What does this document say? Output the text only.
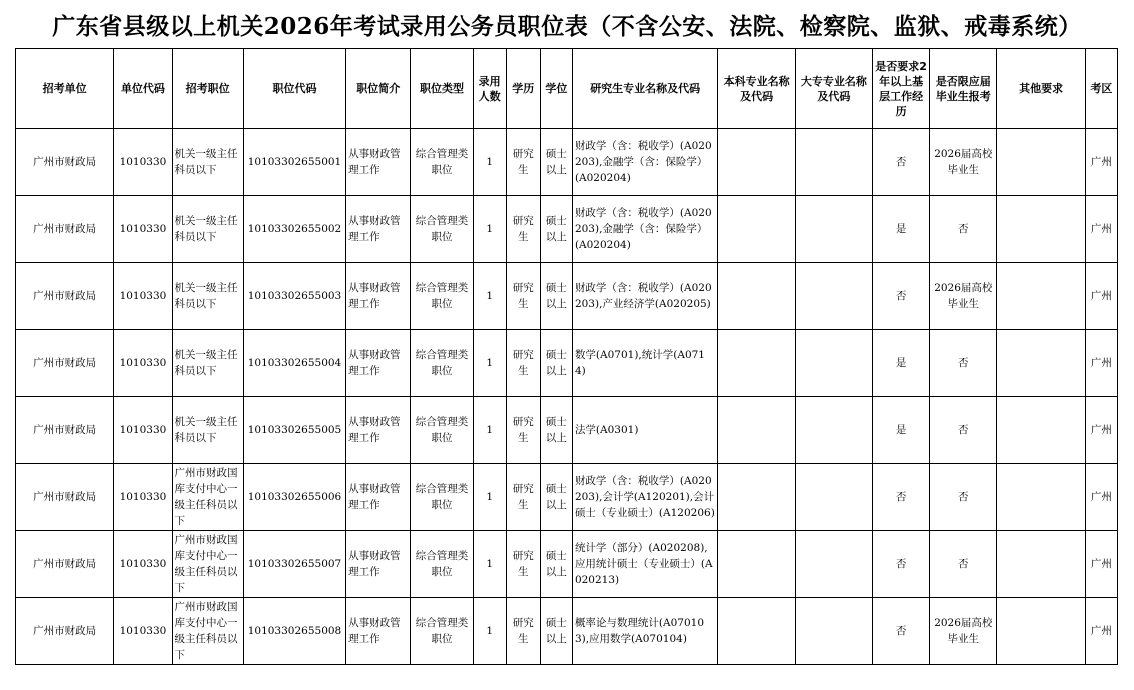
广东省县级以上机关2026年考试录用公务员职位表（不含公安、法院、检察院、监狱、戒毒系统）
招考单位	单位代码	招考职位	职位代码	职位简介	职位类型	录用人数	学历	学位	研究生专业名称及代码	本科专业名称及代码	大专专业名称及代码	是否要求2年以上基层工作经历	是否限应届毕业生报考	其他要求	考区

广州市财政局	1010330	机关一级主任科员以下	10103302655001	从事财政管理工作	综合管理类职位	1	研究生	硕士以上	财政学（含：税收学）(A020203),金融学（含：保险学）(A020204)			否	2026届高校毕业生		广州

广州市财政局	1010330	机关一级主任科员以下	10103302655002	从事财政管理工作	综合管理类职位	1	研究生	硕士以上	财政学（含：税收学）(A020203),金融学（含：保险学）(A020204)			是	否		广州

广州市财政局	1010330	机关一级主任科员以下	10103302655003	从事财政管理工作	综合管理类职位	1	研究生	硕士以上	财政学（含：税收学）(A020203),产业经济学(A020205)			否	2026届高校毕业生		广州

广州市财政局	1010330	机关一级主任科员以下	10103302655004	从事财政管理工作	综合管理类职位	1	研究生	硕士以上	数学(A0701),统计学(A0714)			是	否		广州

广州市财政局	1010330	机关一级主任科员以下	10103302655005	从事财政管理工作	综合管理类职位	1	研究生	硕士以上	法学(A0301)			是	否		广州

广州市财政局	1010330	广州市财政国库支付中心一级主任科员以下	10103302655006	从事财政管理工作	综合管理类职位	1	研究生	硕士以上	财政学（含：税收学）(A020203),会计学(A120201),会计硕士（专业硕士）(A120206)			否	否		广州

广州市财政局	1010330	广州市财政国库支付中心一级主任科员以下	10103302655007	从事财政管理工作	综合管理类职位	1	研究生	硕士以上	统计学（部分）(A020208),应用统计硕士（专业硕士）(A020213)			否	否		广州

广州市财政局	1010330	广州市财政国库支付中心一级主任科员以下	10103302655008	从事财政管理工作	综合管理类职位	1	研究生	硕士以上	概率论与数理统计(A070103),应用数学(A070104)			否	2026届高校毕业生		广州
